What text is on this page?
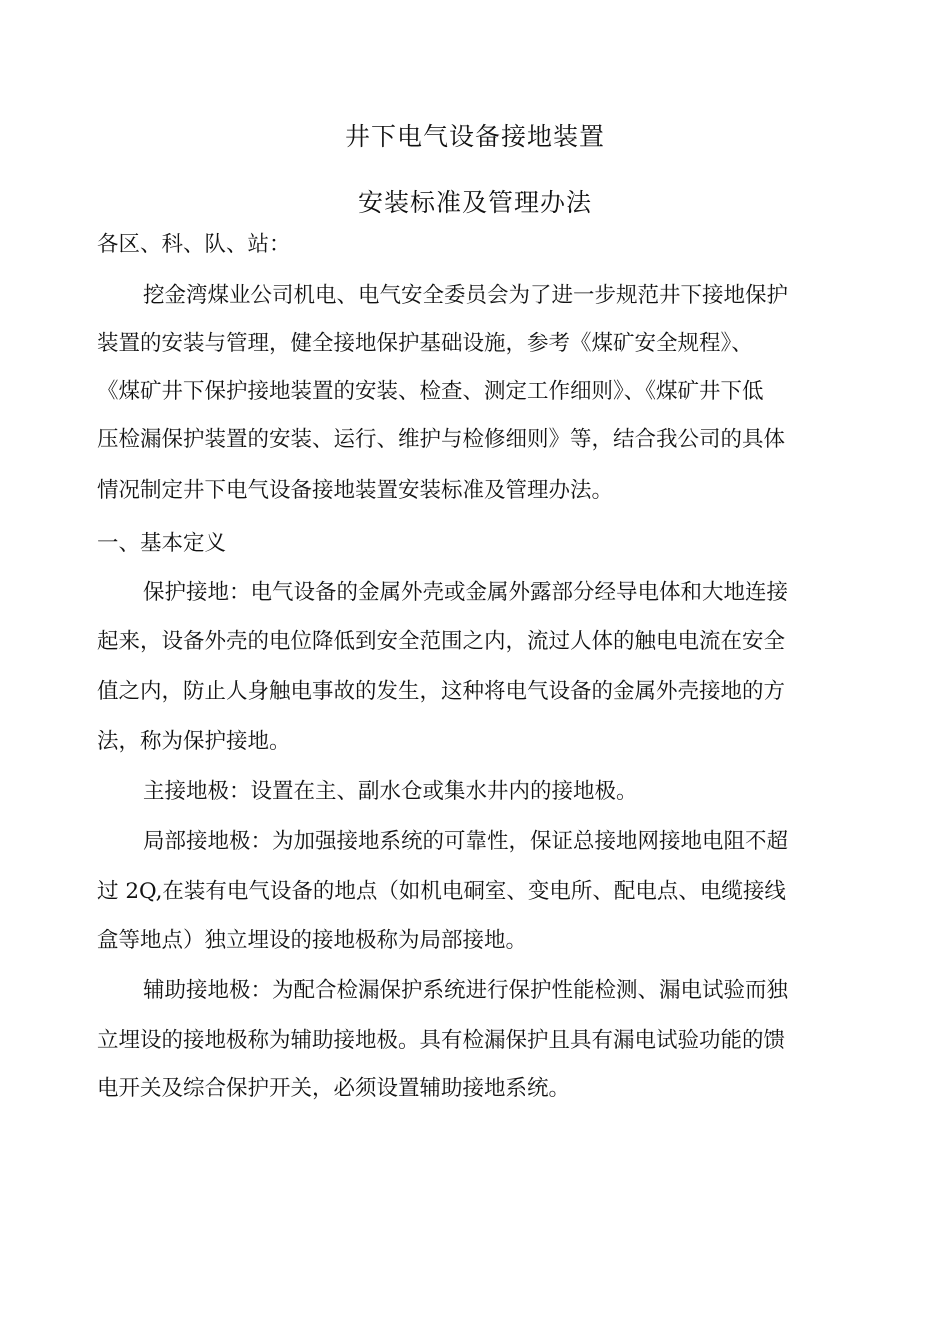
井下电气设备接地装置
安装标准及管理办法

各区、科、队、站：

挖金湾煤业公司机电、电气安全委员会为了进一步规范井下接地保护

装置的安装与管理，健全接地保护基础设施，参考《煤矿安全规程》、

《煤矿井下保护接地装置的安装、检查、测定工作细则》、《煤矿井下低

压检漏保护装置的安装、运行、维护与检修细则》等，结合我公司的具体

情况制定井下电气设备接地装置安装标准及管理办法。

一、基本定义

保护接地：电气设备的金属外壳或金属外露部分经导电体和大地连接

起来，设备外壳的电位降低到安全范围之内，流过人体的触电电流在安全

值之内，防止人身触电事故的发生，这种将电气设备的金属外壳接地的方

法，称为保护接地。

主接地极：设置在主、副水仓或集水井内的接地极。

局部接地极：为加强接地系统的可靠性，保证总接地网接地电阻不超

过 2Q,在装有电气设备的地点（如机电硐室、变电所、配电点、电缆接线

盒等地点）独立埋设的接地极称为局部接地。

辅助接地极：为配合检漏保护系统进行保护性能检测、漏电试验而独

立埋设的接地极称为辅助接地极。具有检漏保护且具有漏电试验功能的馈

电开关及综合保护开关，必须设置辅助接地系统。
